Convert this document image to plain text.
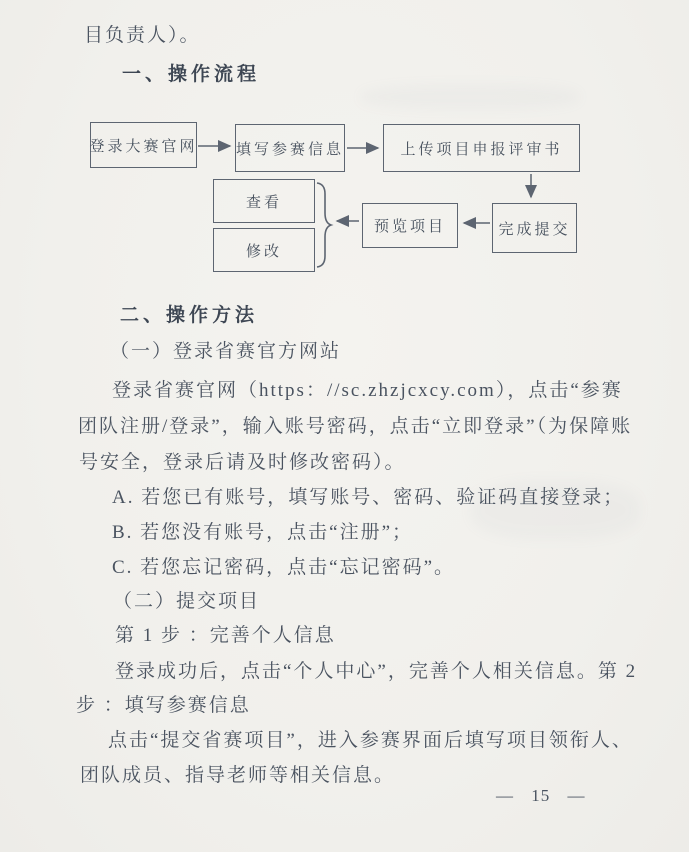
目负责人）。
一、操作流程
登录大赛官网	填写参赛信息	上传项目申报评审书
查看
修改
预览项目	完成提交
二、操作方法
（一）登录省赛官方网站
登录省赛官网（https：//sc.zhzjcxcy.com），点击“参赛
团队注册/登录”，输入账号密码，点击“立即登录”（为保障账
号安全，登录后请及时修改密码）。
A. 若您已有账号，填写账号、密码、验证码直接登录；
B. 若您没有账号，点击“注册”；
C. 若您忘记密码，点击“忘记密码”。
（二）提交项目
第 1 步 ：完善个人信息
登录成功后，点击“个人中心”，完善个人相关信息。第 2
步 ：填写参赛信息
点击“提交省赛项目”，进入参赛界面后填写项目领衔人、
团队成员、指导老师等相关信息。
— 15 —
